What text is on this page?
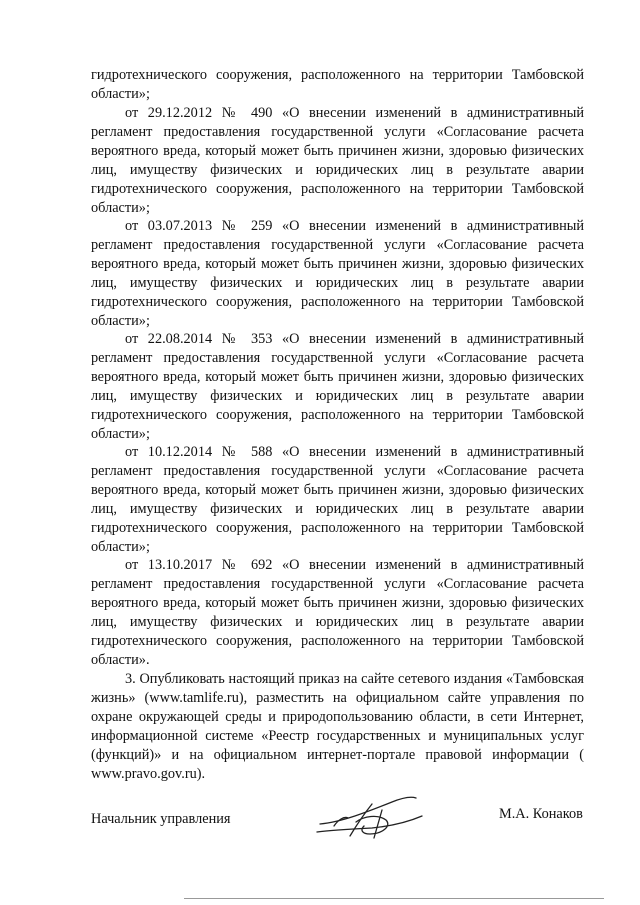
гидротехнического сооружения, расположенного на территории Тамбовской области»;

от 29.12.2012 № 490 «О внесении изменений в административный регламент предоставления государственной услуги «Согласование расчета вероятного вреда, который может быть причинен жизни, здоровью физических лиц, имуществу физических и юридических лиц в результате аварии гидротехнического сооружения, расположенного на территории Тамбовской области»;

от 03.07.2013 № 259 «О внесении изменений в административный регламент предоставления государственной услуги «Согласование расчета вероятного вреда, который может быть причинен жизни, здоровью физических лиц, имуществу физических и юридических лиц в результате аварии гидротехнического сооружения, расположенного на территории Тамбовской области»;

от 22.08.2014 № 353 «О внесении изменений в административный регламент предоставления государственной услуги «Согласование расчета вероятного вреда, который может быть причинен жизни, здоровью физических лиц, имуществу физических и юридических лиц в результате аварии гидротехнического сооружения, расположенного на территории Тамбовской области»;

от 10.12.2014 № 588 «О внесении изменений в административный регламент предоставления государственной услуги «Согласование расчета вероятного вреда, который может быть причинен жизни, здоровью физических лиц, имуществу физических и юридических лиц в результате аварии гидротехнического сооружения, расположенного на территории Тамбовской области»;

от 13.10.2017 № 692 «О внесении изменений в административный регламент предоставления государственной услуги «Согласование расчета вероятного вреда, который может быть причинен жизни, здоровью физических лиц, имуществу физических и юридических лиц в результате аварии гидротехнического сооружения, расположенного на территории Тамбовской области».

3. Опубликовать настоящий приказ на сайте сетевого издания «Тамбовская жизнь» (www.tamlife.ru), разместить на официальном сайте управления по охране окружающей среды и природопользованию области, в сети Интернет, информационной системе «Реестр государственных и муниципальных услуг (функций)» и на официальном интернет-портале правовой информации ( www.pravo.gov.ru).

Начальник управления	М.А. Конаков
